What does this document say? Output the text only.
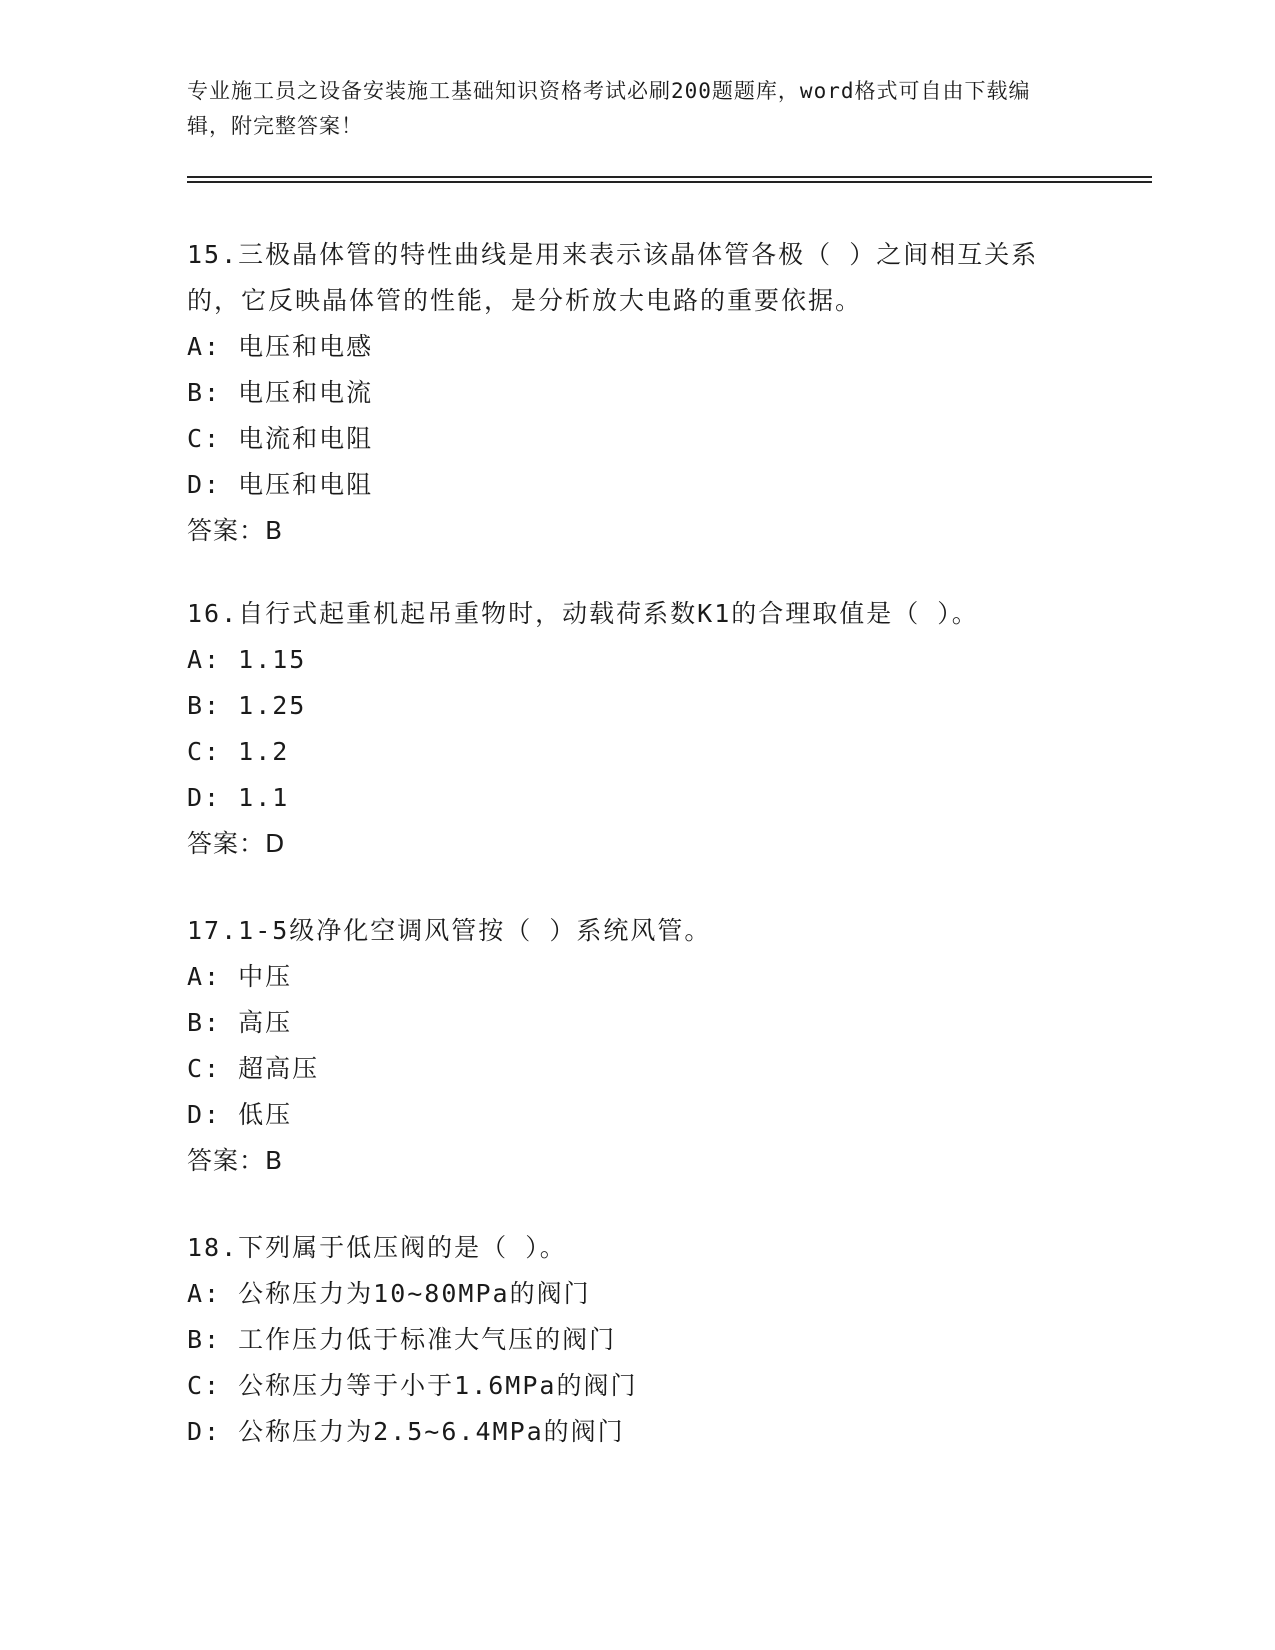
专业施工员之设备安装施工基础知识资格考试必刷200题题库，word格式可自由下载编辑，附完整答案！
15.三极晶体管的特性曲线是用来表示该晶体管各极（ ）之间相互关系的，它反映晶体管的性能，是分析放大电路的重要依据。
A: 电压和电感
B: 电压和电流
C: 电流和电阻
D: 电压和电阻
答案：B
16.自行式起重机起吊重物时，动载荷系数K1的合理取值是（ ）。
A: 1.15
B: 1.25
C: 1.2
D: 1.1
答案：D
17.1-5级净化空调风管按（ ）系统风管。
A: 中压
B: 高压
C: 超高压
D: 低压
答案：B
18.下列属于低压阀的是（ ）。
A: 公称压力为10~80MPa的阀门
B: 工作压力低于标准大气压的阀门
C: 公称压力等于小于1.6MPa的阀门
D: 公称压力为2.5~6.4MPa的阀门
